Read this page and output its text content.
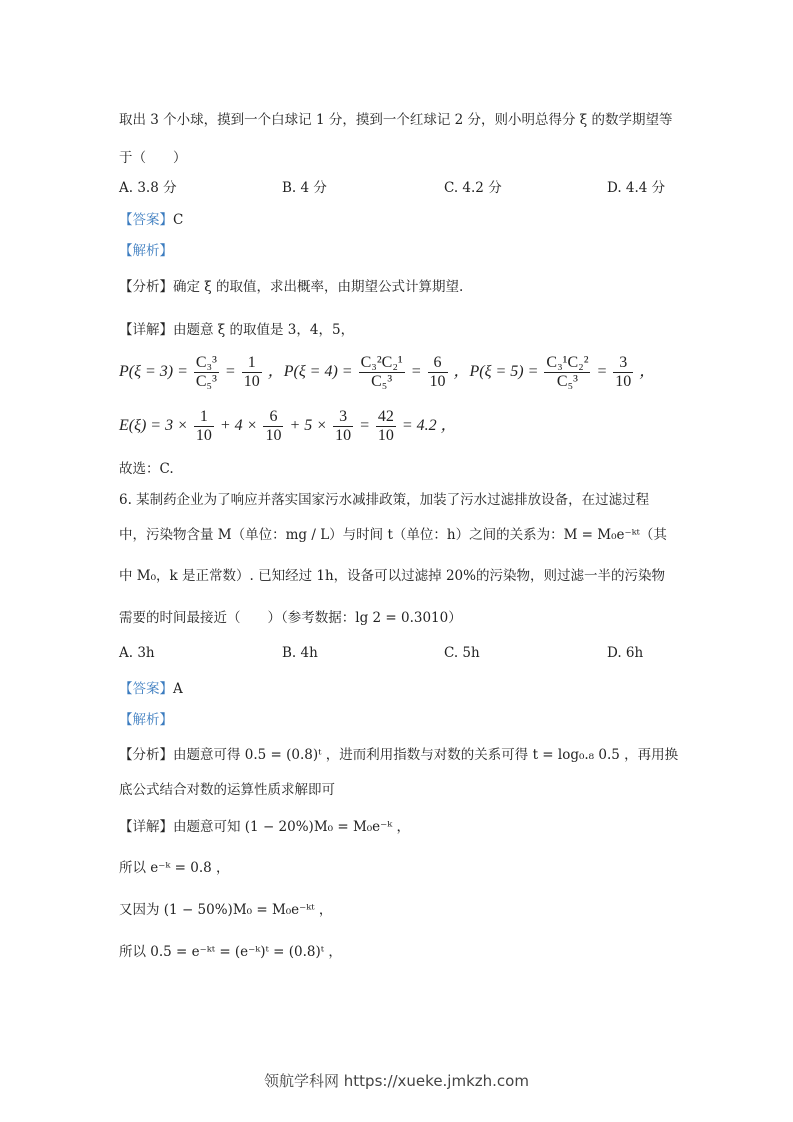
取出 3 个小球，摸到一个白球记 1 分，摸到一个红球记 2 分，则小明总得分 ξ 的数学期望等
于（　　）
A. 3.8 分	B. 4 分	C. 4.2 分	D. 4.4 分
【答案】C
【解析】
【分析】确定 ξ 的取值，求出概率，由期望公式计算期望.
【详解】由题意 ξ 的取值是 3，4，5，
$P(\xi = 3) = \frac{\text{C₃³}}{\text{C₅³}} = \frac{1}{10}$ ，$P(\xi = 4) = \frac{\text{C₃²C₂¹}}{\text{C₅³}} = \frac{6}{10}$ ，$P(\xi = 5) = \frac{\text{C₃¹C₂²}}{\text{C₅³}} = \frac{3}{10}$ ，
$E(\xi) = 3 \times \frac{1}{10} + 4 \times \frac{6}{10} + 5 \times \frac{3}{10} = \frac{42}{10} = 4.2$ ，
故选：C.
6. 某制药企业为了响应并落实国家污水减排政策，加装了污水过滤排放设备，在过滤过程
中，污染物含量 M（单位：mg / L）与时间 t（单位：h）之间的关系为：M = M₀e⁻ᵏᵗ（其
中 M₀，k 是正常数）. 已知经过 1h，设备可以过滤掉 20%的污染物，则过滤一半的污染物
需要的时间最接近（　　）（参考数据：lg 2 = 0.3010）
A. 3h	B. 4h	C. 5h	D. 6h
【答案】A
【解析】
【分析】由题意可得 0.5 = (0.8)ᵗ ，进而利用指数与对数的关系可得 t = log₀.₈ 0.5 ，再用换
底公式结合对数的运算性质求解即可
【详解】由题意可知 (1 − 20%)M₀ = M₀e⁻ᵏ ，
所以 e⁻ᵏ = 0.8 ，
又因为 (1 − 50%)M₀ = M₀e⁻ᵏᵗ ，
所以 0.5 = e⁻ᵏᵗ = (e⁻ᵏ)ᵗ = (0.8)ᵗ ，
领航学科网 https://xueke.jmkzh.com
